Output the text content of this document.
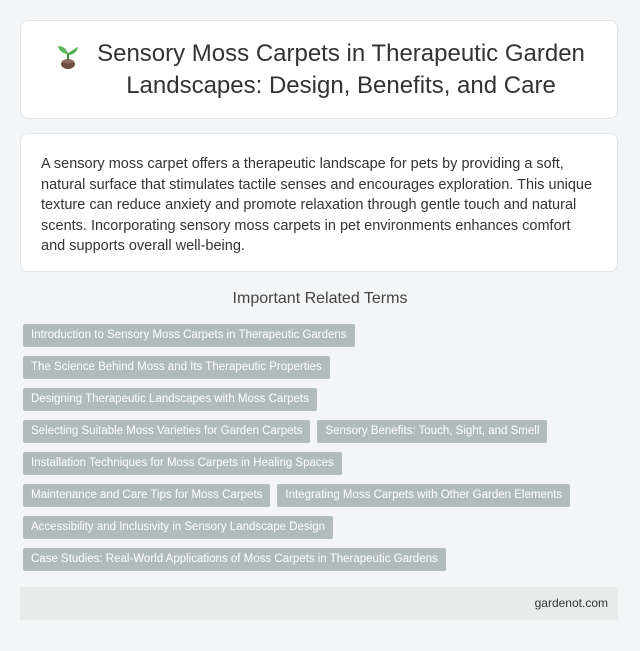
Sensory Moss Carpets in Therapeutic Garden
Landscapes: Design, Benefits, and Care

A sensory moss carpet offers a therapeutic landscape for pets by providing a soft, natural surface that stimulates tactile senses and encourages exploration. This unique texture can reduce anxiety and promote relaxation through gentle touch and natural scents. Incorporating sensory moss carpets in pet environments enhances comfort and supports overall well-being.

Important Related Terms
Introduction to Sensory Moss Carpets in Therapeutic Gardens
The Science Behind Moss and Its Therapeutic Properties
Designing Therapeutic Landscapes with Moss Carpets
Selecting Suitable Moss Varieties for Garden Carpets	Sensory Benefits: Touch, Sight, and Smell
Installation Techniques for Moss Carpets in Healing Spaces
Maintenance and Care Tips for Moss Carpets	Integrating Moss Carpets with Other Garden Elements
Accessibility and Inclusivity in Sensory Landscape Design
Case Studies: Real-World Applications of Moss Carpets in Therapeutic Gardens
gardenot.com
